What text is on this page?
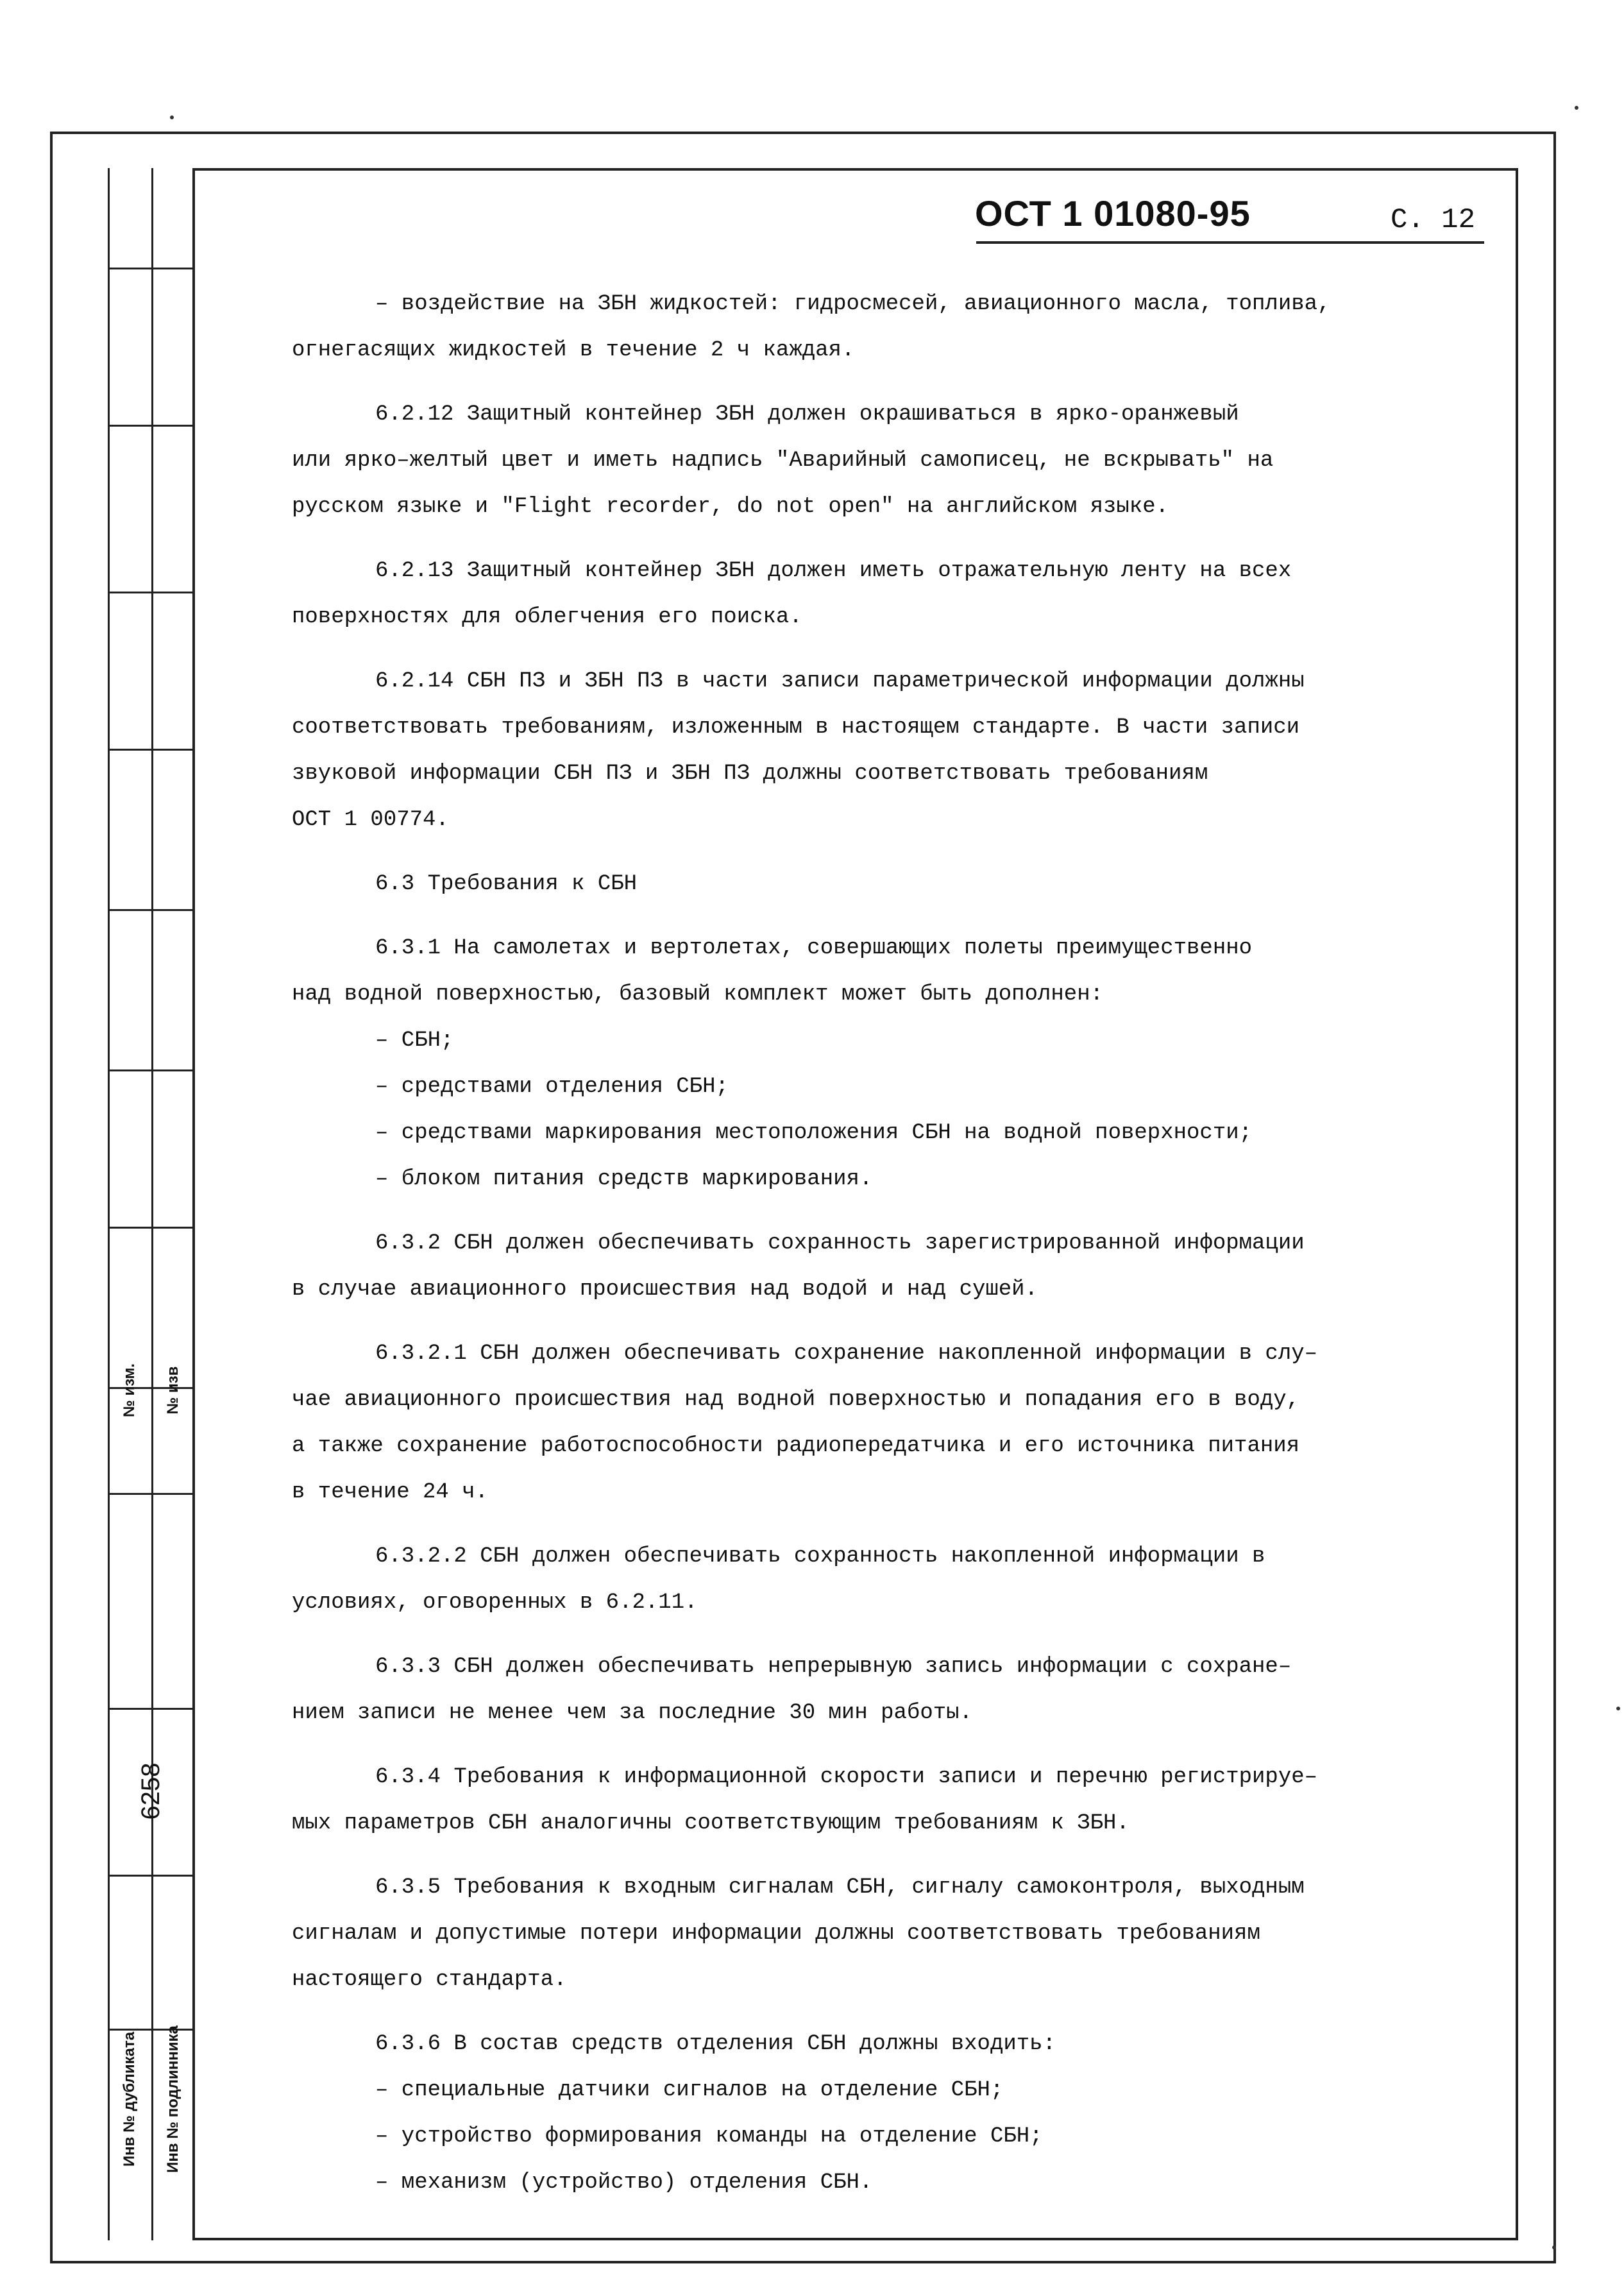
№ изм. № изв
6258
Инв № дубликата Инв № подлинника
ОСТ 1 01080-95	С. 12

– воздействие на ЗБН жидкостей: гидросмесей, авиационного масла, топлива,

огнегасящих жидкостей в течение 2 ч каждая.

6.2.12 Защитный контейнер ЗБН должен окрашиваться в ярко-оранжевый

или ярко–желтый цвет и иметь надпись "Аварийный самописец, не вскрывать" на

русском языке и "Flight recorder, do not open" на английском языке.

6.2.13 Защитный контейнер ЗБН должен иметь отражательную ленту на всех

поверхностях для облегчения его поиска.

6.2.14 СБН ПЗ и ЗБН ПЗ в части записи параметрической информации должны

соответствовать требованиям, изложенным в настоящем стандарте. В части записи

звуковой информации СБН ПЗ и ЗБН ПЗ должны соответствовать требованиям

ОСТ 1 00774.

6.3 Требования к СБН

6.3.1 На самолетах и вертолетах, совершающих полеты преимущественно

над водной поверхностью, базовый комплект может быть дополнен:

– СБН;

– средствами отделения СБН;

– средствами маркирования местоположения СБН на водной поверхности;

– блоком питания средств маркирования.

6.3.2 СБН должен обеспечивать сохранность зарегистрированной информации

в случае авиационного происшествия над водой и над сушей.

6.3.2.1 СБН должен обеспечивать сохранение накопленной информации в слу–

чае авиационного происшествия над водной поверхностью и попадания его в воду,

а также сохранение работоспособности радиопередатчика и его источника питания

в течение 24 ч.

6.3.2.2 СБН должен обеспечивать сохранность накопленной информации в

условиях, оговоренных в 6.2.11.

6.3.3 СБН должен обеспечивать непрерывную запись информации с сохране–

нием записи не менее чем за последние 30 мин работы.

6.3.4 Требования к информационной скорости записи и перечню регистрируе–

мых параметров СБН аналогичны соответствующим требованиям к ЗБН.

6.3.5 Требования к входным сигналам СБН, сигналу самоконтроля, выходным

сигналам и допустимые потери информации должны соответствовать требованиям

настоящего стандарта.

6.3.6 В состав средств отделения СБН должны входить:

– специальные датчики сигналов на отделение СБН;

– устройство формирования команды на отделение СБН;

– механизм (устройство) отделения СБН.
